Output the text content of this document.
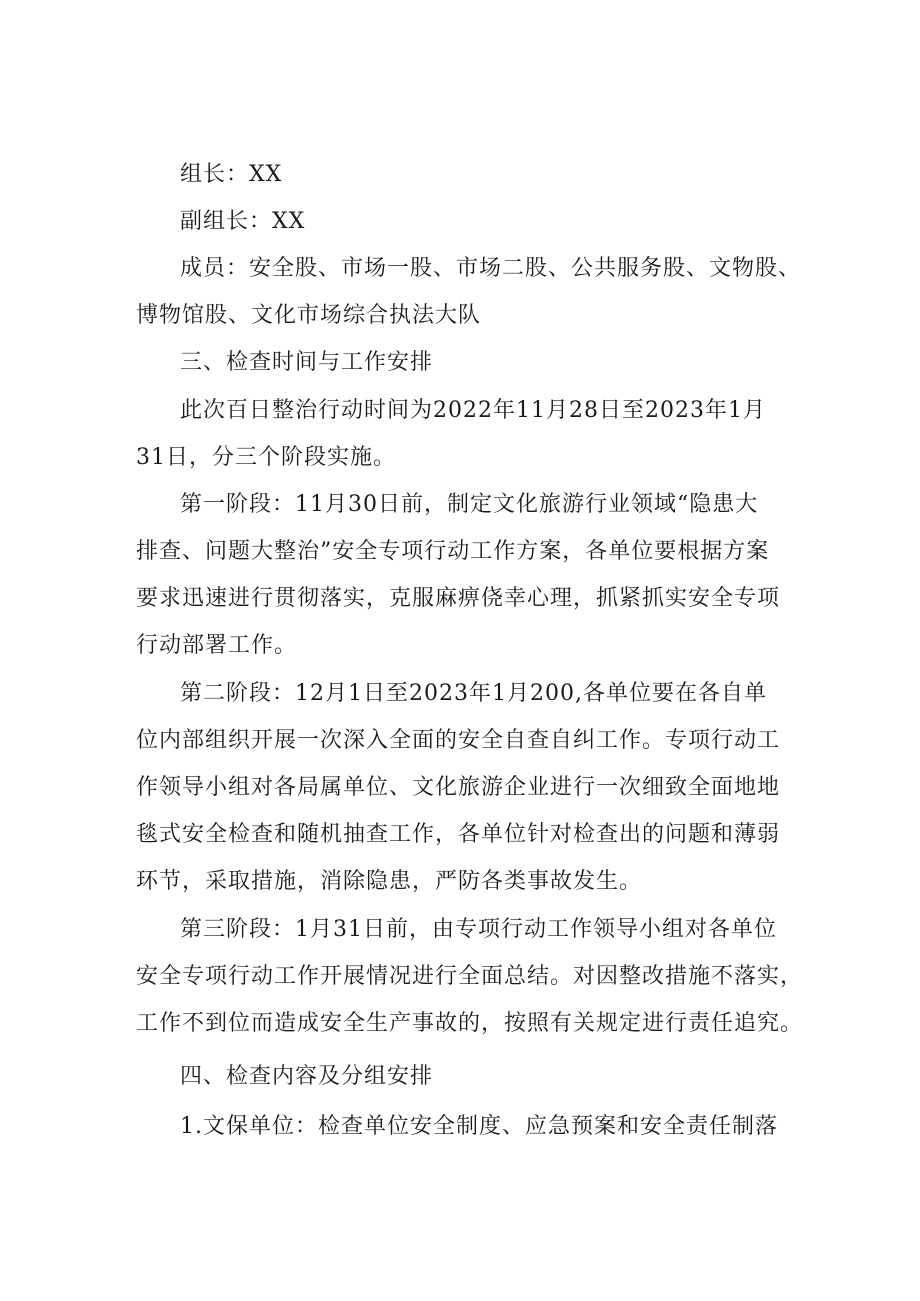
组长：XX

副组长：XX

成员：安全股、市场一股、市场二股、公共服务股、文物股、
博物馆股、文化市场综合执法大队

三、检查时间与工作安排

此次百日整治行动时间为2022年11月28日至2023年1月
31日，分三个阶段实施。

第一阶段：11月30日前，制定文化旅游行业领域“隐患大
排查、问题大整治”安全专项行动工作方案，各单位要根据方案
要求迅速进行贯彻落实，克服麻痹侥幸心理，抓紧抓实安全专项
行动部署工作。

第二阶段：12月1日至2023年1月200,各单位要在各自单
位内部组织开展一次深入全面的安全自查自纠工作。专项行动工
作领导小组对各局属单位、文化旅游企业进行一次细致全面地地
毯式安全检查和随机抽查工作，各单位针对检查出的问题和薄弱
环节，采取措施，消除隐患，严防各类事故发生。

第三阶段：1月31日前，由专项行动工作领导小组对各单位
安全专项行动工作开展情况进行全面总结。对因整改措施不落实，
工作不到位而造成安全生产事故的，按照有关规定进行责任追究。

四、检查内容及分组安排

1.文保单位：检查单位安全制度、应急预案和安全责任制落
